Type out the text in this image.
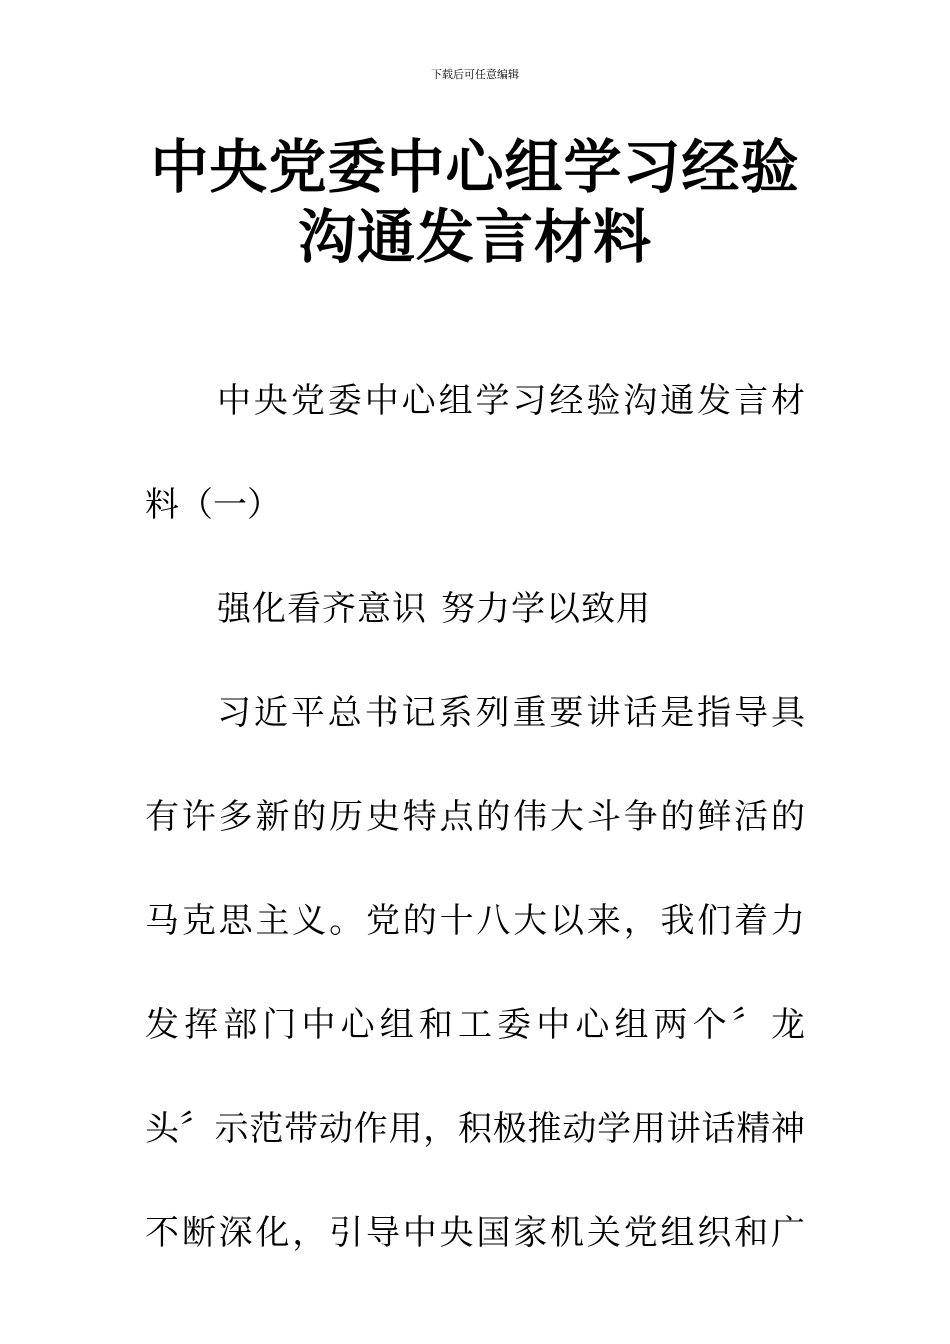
下载后可任意编辑
中央党委中心组学习经验
沟通发言材料
中央党委中心组学习经验沟通发言材
料（一）
强化看齐意识 努力学以致用
习近平总书记系列重要讲话是指导具
有许多新的历史特点的伟大斗争的鲜活的
马克思主义。党的十八大以来，我们着力
发挥部门中心组和工委中心组两个〞龙
头〞示范带动作用，积极推动学用讲话精神
不断深化，引导中央国家机关党组织和广
